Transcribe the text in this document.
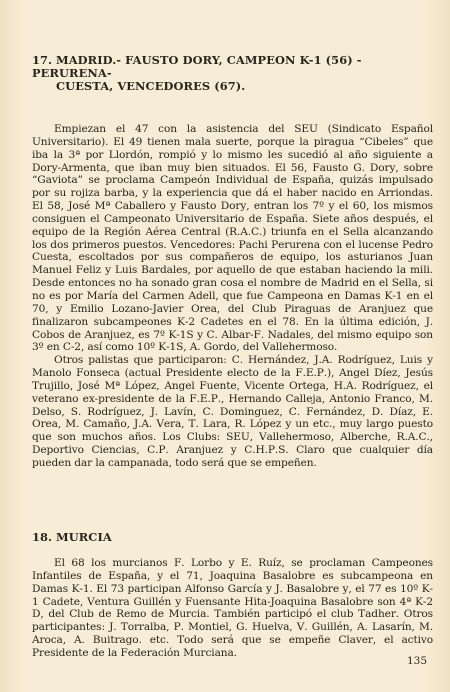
17. MADRID.- FAUSTO DORY, CAMPEON K-1 (56) - PERURENA-
CUESTA, VENCEDORES (67).

Empiezan el 47 con la asistencia del SEU (Sindicato Español Universitario). El 49 tienen mala suerte, porque la piragua “Cibeles” que iba la 3ª por Llordón, rompió y lo mismo les sucedió al año siguiente a Dory-Armenta, que iban muy bien situados. El 56, Fausto G. Dory, sobre “Gaviota” se proclama Campeón Individual de España, quizás impulsado por su rojiza barba, y la experiencia que dá el haber nacido en Arriondas. El 58, José Mª Caballero y Fausto Dory, entran los 7º y el 60, los mismos consiguen el Campeonato Universitario de España. Siete años después, el equipo de la Región Aérea Central (R.A.C.) triunfa en el Sella alcanzando los dos primeros puestos. Vencedores: Pachi Perurena con el lucense Pedro Cuesta, escoltados por sus compañeros de equipo, los asturianos Juan Manuel Feliz y Luis Bardales, por aquello de que estaban haciendo la mili. Desde entonces no ha sonado gran cosa el nombre de Madrid en el Sella, si no es por María del Carmen Adell, que fue Campeona en Damas K-1 en el 70, y Emilio Lozano-Javier Orea, del Club Piraguas de Aranjuez que finalizaron subcampeones K-2 Cadetes en el 78. En la última edición, J. Cobos de Aranjuez, es 7º K-1S y C. Albar-F. Nadales, del mismo equipo son 3º en C-2, así como 10º K-1S, A. Gordo, del Vallehermoso.

Otros palistas que participaron: C. Hernández, J.A. Rodríguez, Luis y Manolo Fonseca (actual Presidente electo de la F.E.P.), Angel Díez, Jesús Trujillo, José Mª López, Angel Fuente, Vicente Ortega, H.A. Rodríguez, el veterano ex-presidente de la F.E.P., Hernando Calleja, Antonio Franco, M. Delso, S. Rodríguez, J. Lavín, C. Dominguez, C. Fernández, D. Díaz, E. Orea, M. Camaño, J.A. Vera, T. Lara, R. López y un etc., muy largo puesto que son muchos años. Los Clubs: SEU, Vallehermoso, Alberche, R.A.C., Deportivo Ciencias, C.P. Aranjuez y C.H.P.S. Claro que cualquier día pueden dar la campanada, todo será que se empeñen.

18. MURCIA

El 68 los murcianos F. Lorbo y E. Ruíz, se proclaman Campeones Infantiles de España, y el 71, Joaquina Basalobre es subcampeona en Damas K-1. El 73 participan Alfonso García y J. Basalobre y, el 77 es 10º K-1 Cadete, Ventura Guillén y Fuensante Hita-Joaquina Basalobre son 4ª K-2 D, del Club de Remo de Murcia. También participó el club Tadher. Otros participantes: J. Torralba, P. Montiel, G. Huelva, V. Guillén, A. Lasarín, M. Aroca, A. Buitrago. etc. Todo será que se empeñe Claver, el activo Presidente de la Federación Murciana.

135
